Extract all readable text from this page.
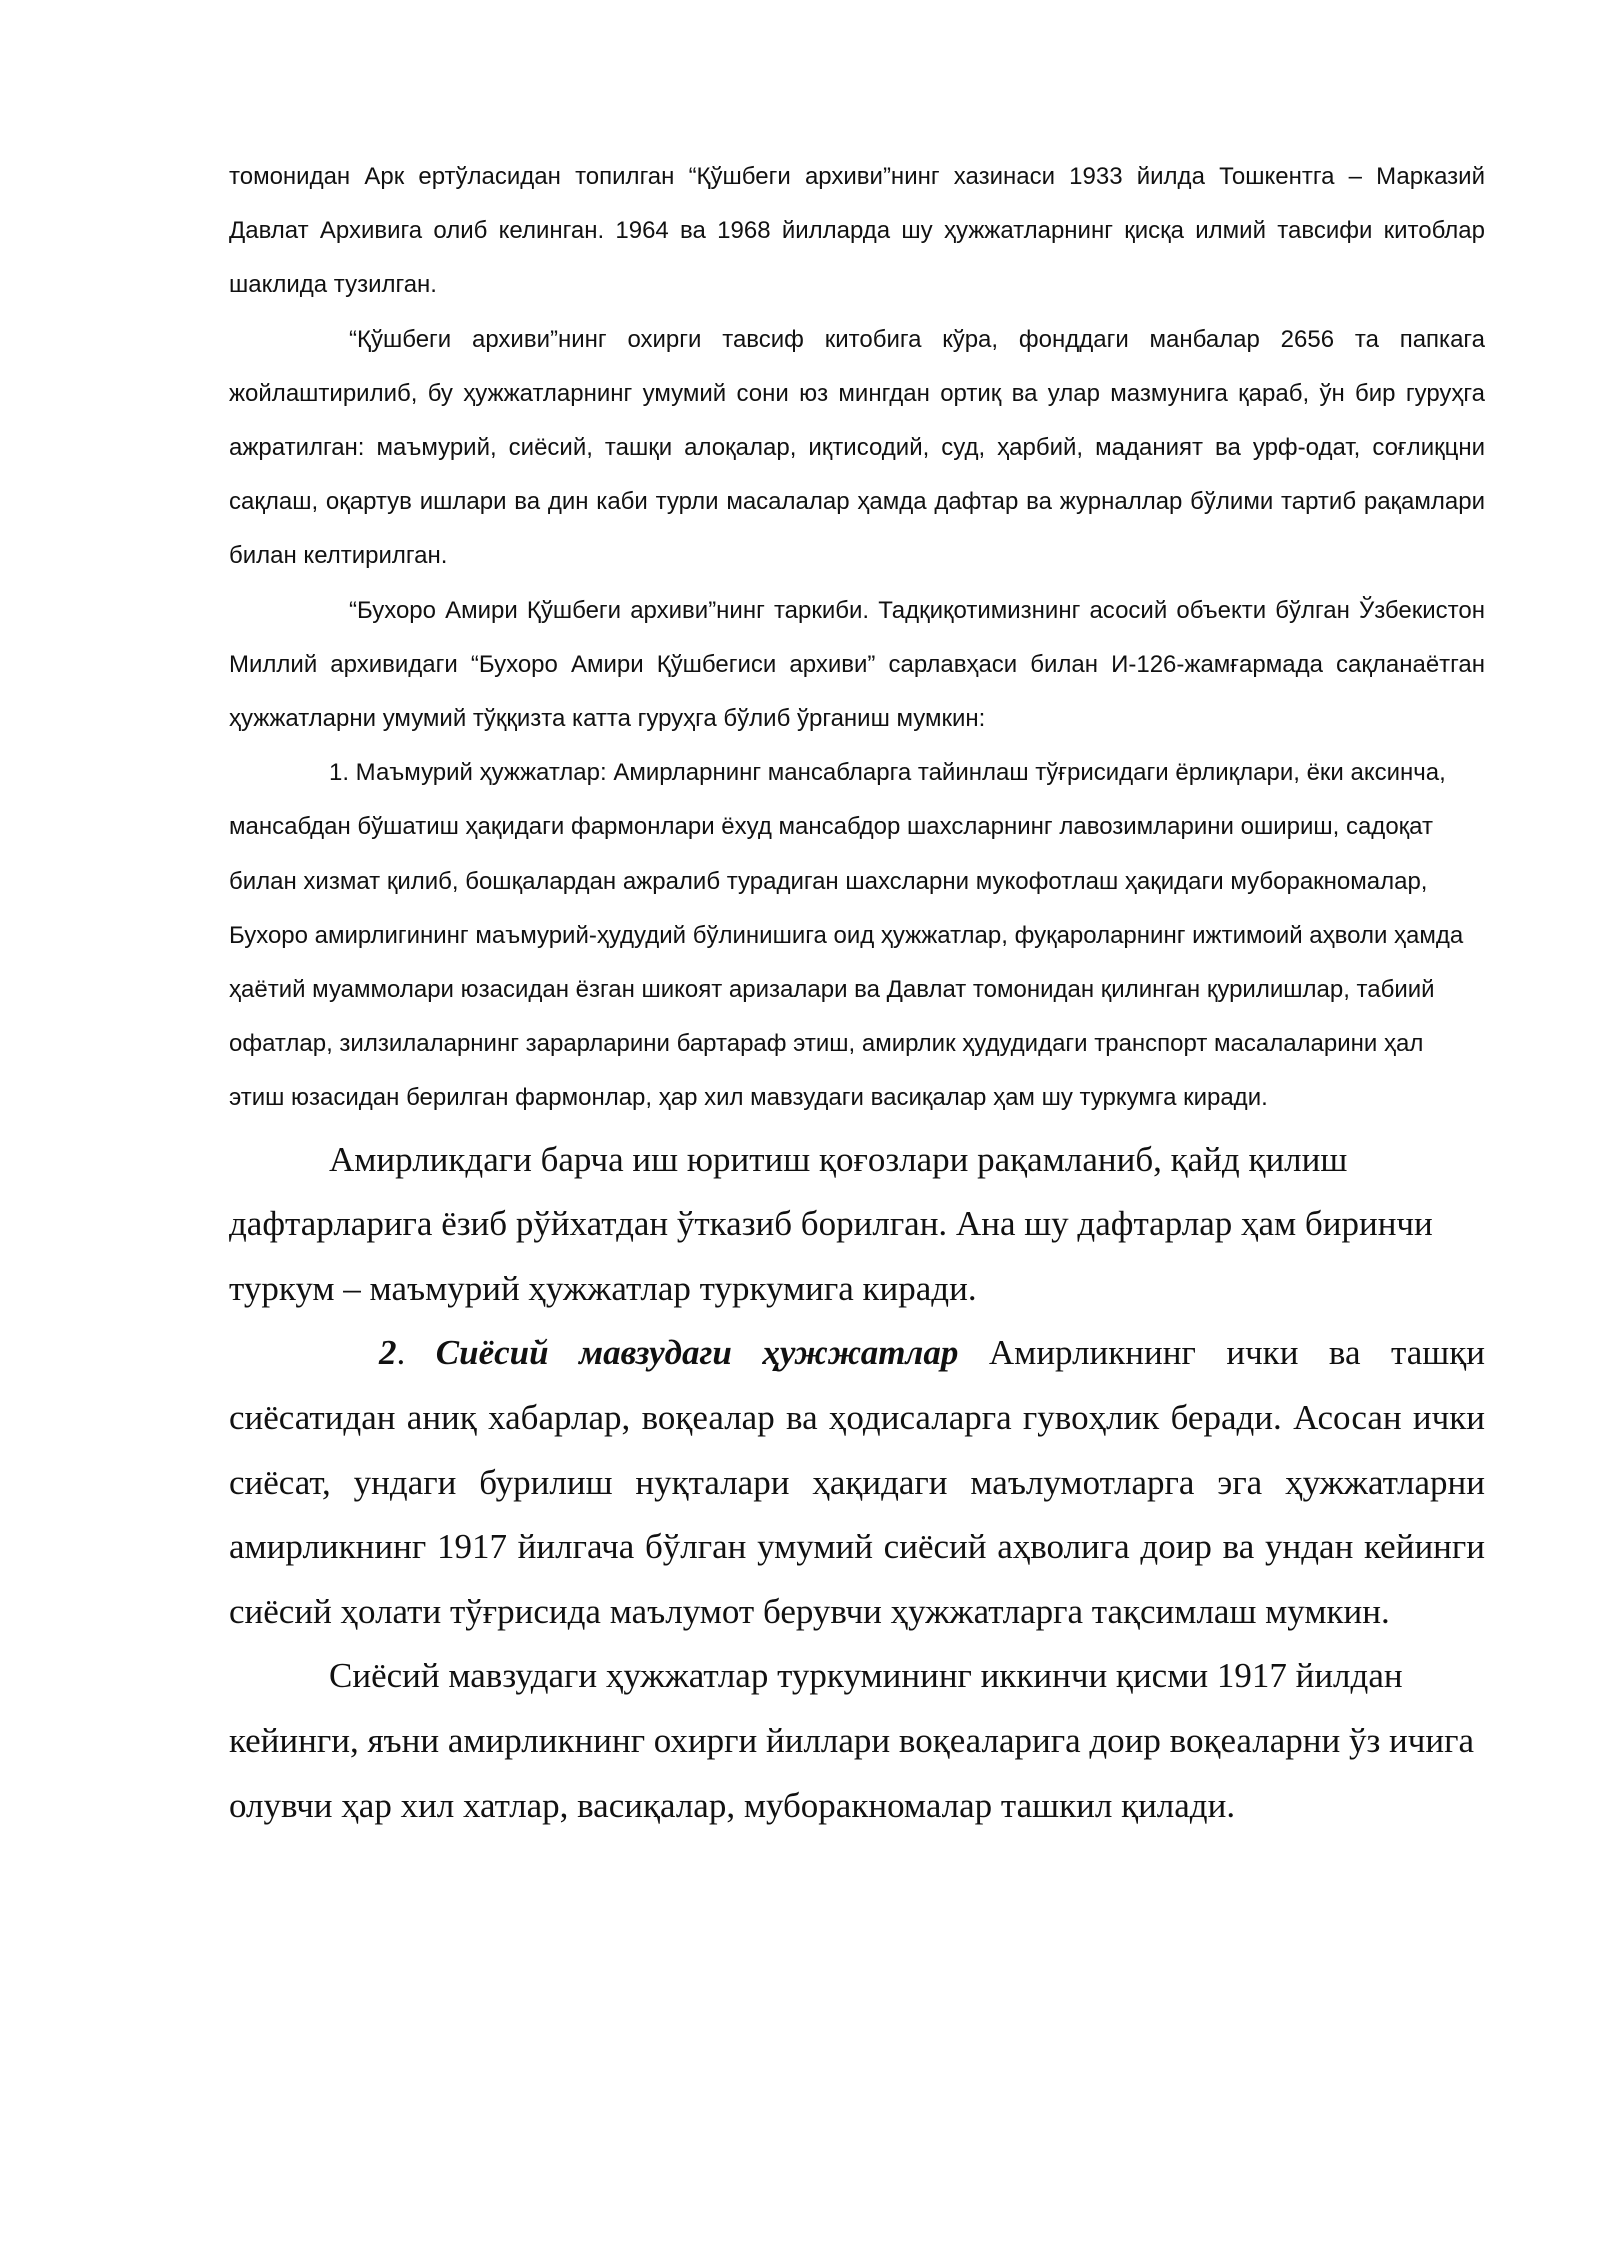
томонидан Арк ертўласидан топилган “Қўшбеги архиви”нинг хазинаси 1933 йилда Тошкентга – Марказий Давлат Архивига олиб келинган. 1964 ва 1968 йилларда шу ҳужжатларнинг қисқа илмий тавсифи китоблар шаклида тузилган.

“Қўшбеги архиви”нинг охирги тавсиф китобига кўра, фонддаги манбалар 2656 та папкага жойлаштирилиб, бу ҳужжатларнинг умумий сони юз мингдан ортиқ ва улар мазмунига қараб, ўн бир гуруҳга ажратилган: маъмурий, сиёсий, ташқи алоқалар, иқтисодий, суд, ҳарбий, маданият ва урф-одат, соғлиқцни сақлаш, оқартув ишлари ва дин каби турли масалалар ҳамда дафтар ва журналлар бўлими тартиб рақамлари билан келтирилган.

“Бухоро Амири Қўшбеги архиви”нинг таркиби. Тадқиқотимизнинг асосий объекти бўлган Ўзбекистон Миллий архивидаги “Бухоро Амири Қўшбегиси архиви” сарлавҳаси билан И-126-жамғармада сақланаётган ҳужжатларни умумий тўққизта катта гуруҳга бўлиб ўрганиш мумкин:

1. Маъмурий ҳужжатлар: Амирларнинг мансабларга тайинлаш тўғрисидаги ёрлиқлари, ёки аксинча, мансабдан бўшатиш ҳақидаги фармонлари ёхуд мансабдор шахсларнинг лавозимларини ошириш, садоқат билан хизмат қилиб, бошқалардан ажралиб турадиган шахсларни мукофотлаш ҳақидаги муборакномалар, Бухоро амирлигининг маъмурий-ҳудудий бўлинишига оид ҳужжатлар, фуқароларнинг ижтимоий аҳволи ҳамда ҳаётий муаммолари юзасидан ёзган шикоят аризалари ва Давлат томонидан қилинган қурилишлар, табиий офатлар, зилзилаларнинг зарарларини бартараф этиш, амирлик ҳудудидаги транспорт масалаларини ҳал этиш юзасидан берилган фармонлар, ҳар хил мавзудаги васиқалар ҳам шу туркумга киради.

Амирликдаги барча иш юритиш қоғозлари рақамланиб, қайд қилиш дафтарларига ёзиб рўйхатдан ўтказиб борилган. Ана шу дафтарлар ҳам биринчи туркум – маъмурий ҳужжатлар туркумига киради.

2. Сиёсий мавзудаги ҳужжатлар Амирликнинг ички ва ташқи сиёсатидан аниқ хабарлар, воқеалар ва ҳодисаларга гувоҳлик беради. Асосан ички сиёсат, ундаги бурилиш нуқталари ҳақидаги маълумотларга эга ҳужжатларни амирликнинг 1917 йилгача бўлган умумий сиёсий аҳволига доир ва ундан кейинги сиёсий ҳолати тўғрисида маълумот берувчи ҳужжатларга тақсимлаш мумкин.

Сиёсий мавзудаги ҳужжатлар туркумининг иккинчи қисми 1917 йилдан кейинги, яъни амирликнинг охирги йиллари воқеаларига доир воқеаларни ўз ичига олувчи ҳар хил хатлар, васиқалар, муборакномалар ташкил қилади.
